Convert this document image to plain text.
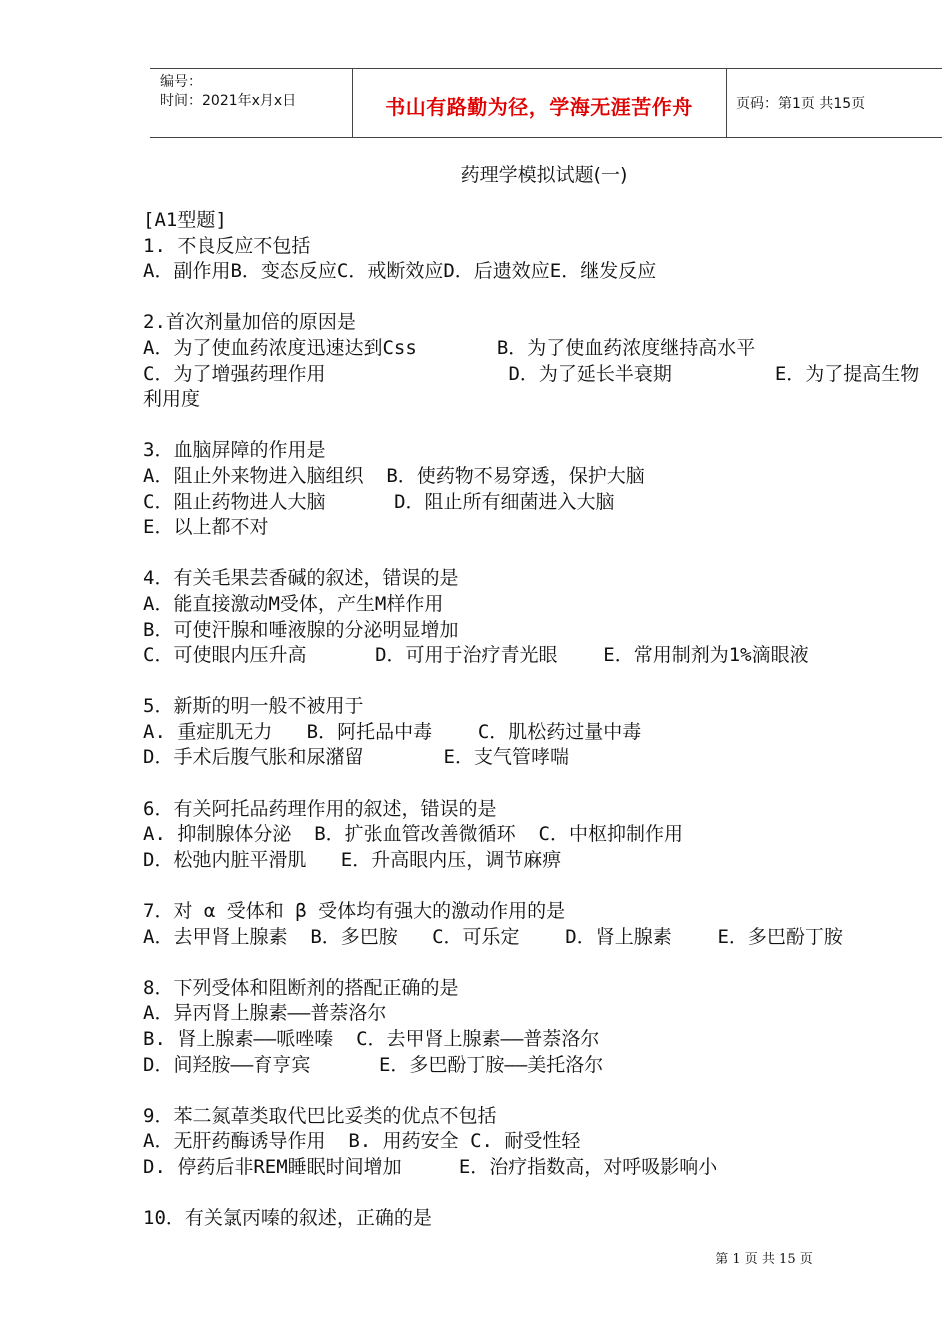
编号：
时间：2021年x月x日	书山有路勤为径，学海无涯苦作舟	页码：第1页 共15页
药理学模拟试题(一)
[A1型题]
1. 不良反应不包括
A．副作用B．变态反应C．戒断效应D．后遗效应E．继发反应
2.首次剂量加倍的原因是
A．为了使血药浓度迅速达到Css       B．为了使血药浓度继持高水平
C．为了增强药理作用                D．为了延长半衰期         E．为了提高生物
利用度
3．血脑屏障的作用是
A．阻止外来物进入脑组织  B．使药物不易穿透，保护大脑
C．阻止药物进人大脑      D．阻止所有细菌进入大脑
E．以上都不对
4．有关毛果芸香碱的叙述，错误的是
A．能直接激动M受体，产生M样作用
B．可使汗腺和唾液腺的分泌明显增加
C．可使眼内压升高      D．可用于治疗青光眼    E．常用制剂为1%滴眼液
5．新斯的明一般不被用于
A. 重症肌无力   B．阿托品中毒    C．肌松药过量中毒
D．手术后腹气胀和尿潴留       E．支气管哮喘
6．有关阿托品药理作用的叙述，错误的是
A. 抑制腺体分泌  B．扩张血管改善微循环  C．中枢抑制作用
D．松弛内脏平滑肌   E．升高眼内压，调节麻痹
7．对 α 受体和 β 受体均有强大的激动作用的是
A．去甲肾上腺素  B．多巴胺   C．可乐定    D．肾上腺素    E．多巴酚丁胺
8．下列受体和阻断剂的搭配正确的是
A．异丙肾上腺素——普萘洛尔
B. 肾上腺素——哌唑嗪  C．去甲肾上腺素——普萘洛尔
D．间羟胺——育亨宾      E．多巴酚丁胺——美托洛尔
9．苯二氮䓬类取代巴比妥类的优点不包括
A．无肝药酶诱导作用  B. 用药安全 C. 耐受性轻
D. 停药后非REM睡眠时间增加     E．治疗指数高，对呼吸影响小
10．有关氯丙嗪的叙述，正确的是
第 1 页 共 15 页
